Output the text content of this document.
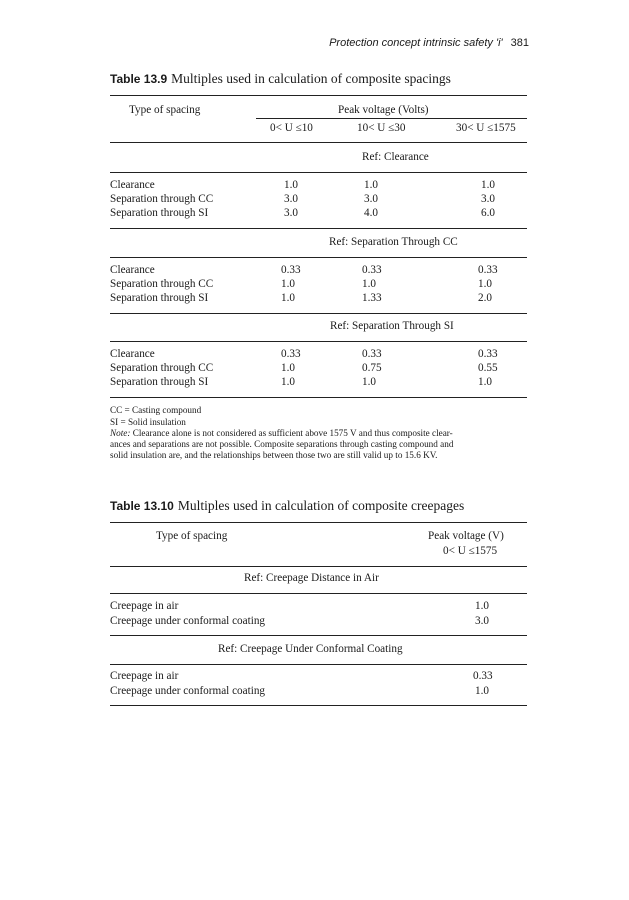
Protection concept intrinsic safety 'i' 381
Table 13.9 Multiples used in calculation of composite spacings
Type of spacing	Peak voltage (Volts)
0< U ≤10	10< U ≤30	30< U ≤1575
Ref: Clearance
Clearance	1.0	1.0	1.0
Separation through CC	3.0	3.0	3.0
Separation through SI	3.0	4.0	6.0
Ref: Separation Through CC
Clearance	0.33	0.33	0.33
Separation through CC	1.0	1.0	1.0
Separation through SI	1.0	1.33	2.0
Ref: Separation Through SI
Clearance	0.33	0.33	0.33
Separation through CC	1.0	0.75	0.55
Separation through SI	1.0	1.0	1.0
CC = Casting compound
SI = Solid insulation
Note: Clearance alone is not considered as sufficient above 1575 V and thus composite clear-
ances and separations are not possible. Composite separations through casting compound and
solid insulation are, and the relationships between those two are still valid up to 15.6 KV.
Table 13.10 Multiples used in calculation of composite creepages
Type of spacing	Peak voltage (V)
0< U ≤1575
Ref: Creepage Distance in Air
Creepage in air	1.0
Creepage under conformal coating	3.0
Ref: Creepage Under Conformal Coating
Creepage in air	0.33
Creepage under conformal coating	1.0
